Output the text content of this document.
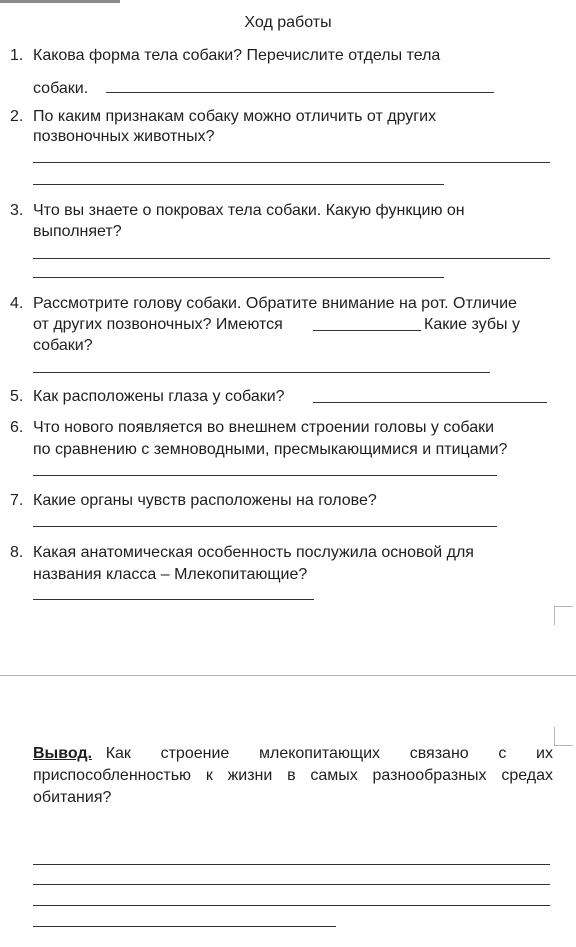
Ход работы
1. Какова форма тела собаки? Перечислите отделы тела
собаки.
2. По каким признакам собаку можно отличить от других
позвоночных животных?
3. Что вы знаете о покровах тела собаки. Какую функцию он
выполняет?
4. Рассмотрите голову собаки. Обратите внимание на рот. Отличие
от других позвоночных? Имеются	Какие зубы у
собаки?
5. Как расположены глаза у собаки?
6. Что нового появляется во внешнем строении головы у собаки
по сравнению с земноводными, пресмыкающимися и птицами?
7. Какие органы чувств расположены на голове?
8. Какая анатомическая особенность послужила основой для
названия класса – Млекопитающие?
Вывод. Как строение млекопитающих связано с их
приспособленностью к жизни в самых разнообразных средах
обитания?
